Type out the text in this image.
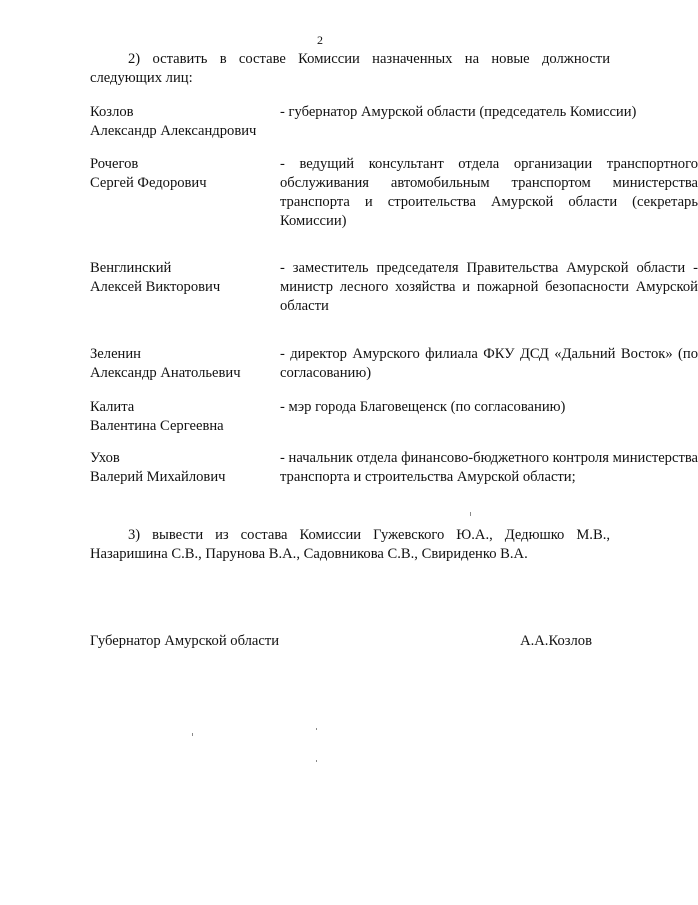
2
2) оставить в составе Комиссии назначенных на новые должности следующих лиц:
Козлов
Александр Александрович
- губернатор Амурской области (председатель Комиссии)
Рочегов
Сергей Федорович
- ведущий консультант отдела организации транспортного обслуживания автомобильным транспортом министерства транспорта и строительства Амурской области (секретарь Комиссии)
Венглинский
Алексей Викторович
- заместитель председателя Правительства Амурской области - министр лесного хозяйства и пожарной безопасности Амурской области
Зеленин
Александр Анатольевич
- директор Амурского филиала ФКУ ДСД «Дальний Восток» (по согласованию)
Калита
Валентина Сергеевна
- мэр города Благовещенск (по согласованию)
Ухов
Валерий Михайлович
- начальник отдела финансово-бюджетного контроля министерства транспорта и строительства Амурской области;
3) вывести из состава Комиссии Гужевского Ю.А., Дедюшко М.В., Назаришина С.В., Парунова В.А., Садовникова С.В., Свириденко В.А.
Губернатор Амурской области	А.А.Козлов
